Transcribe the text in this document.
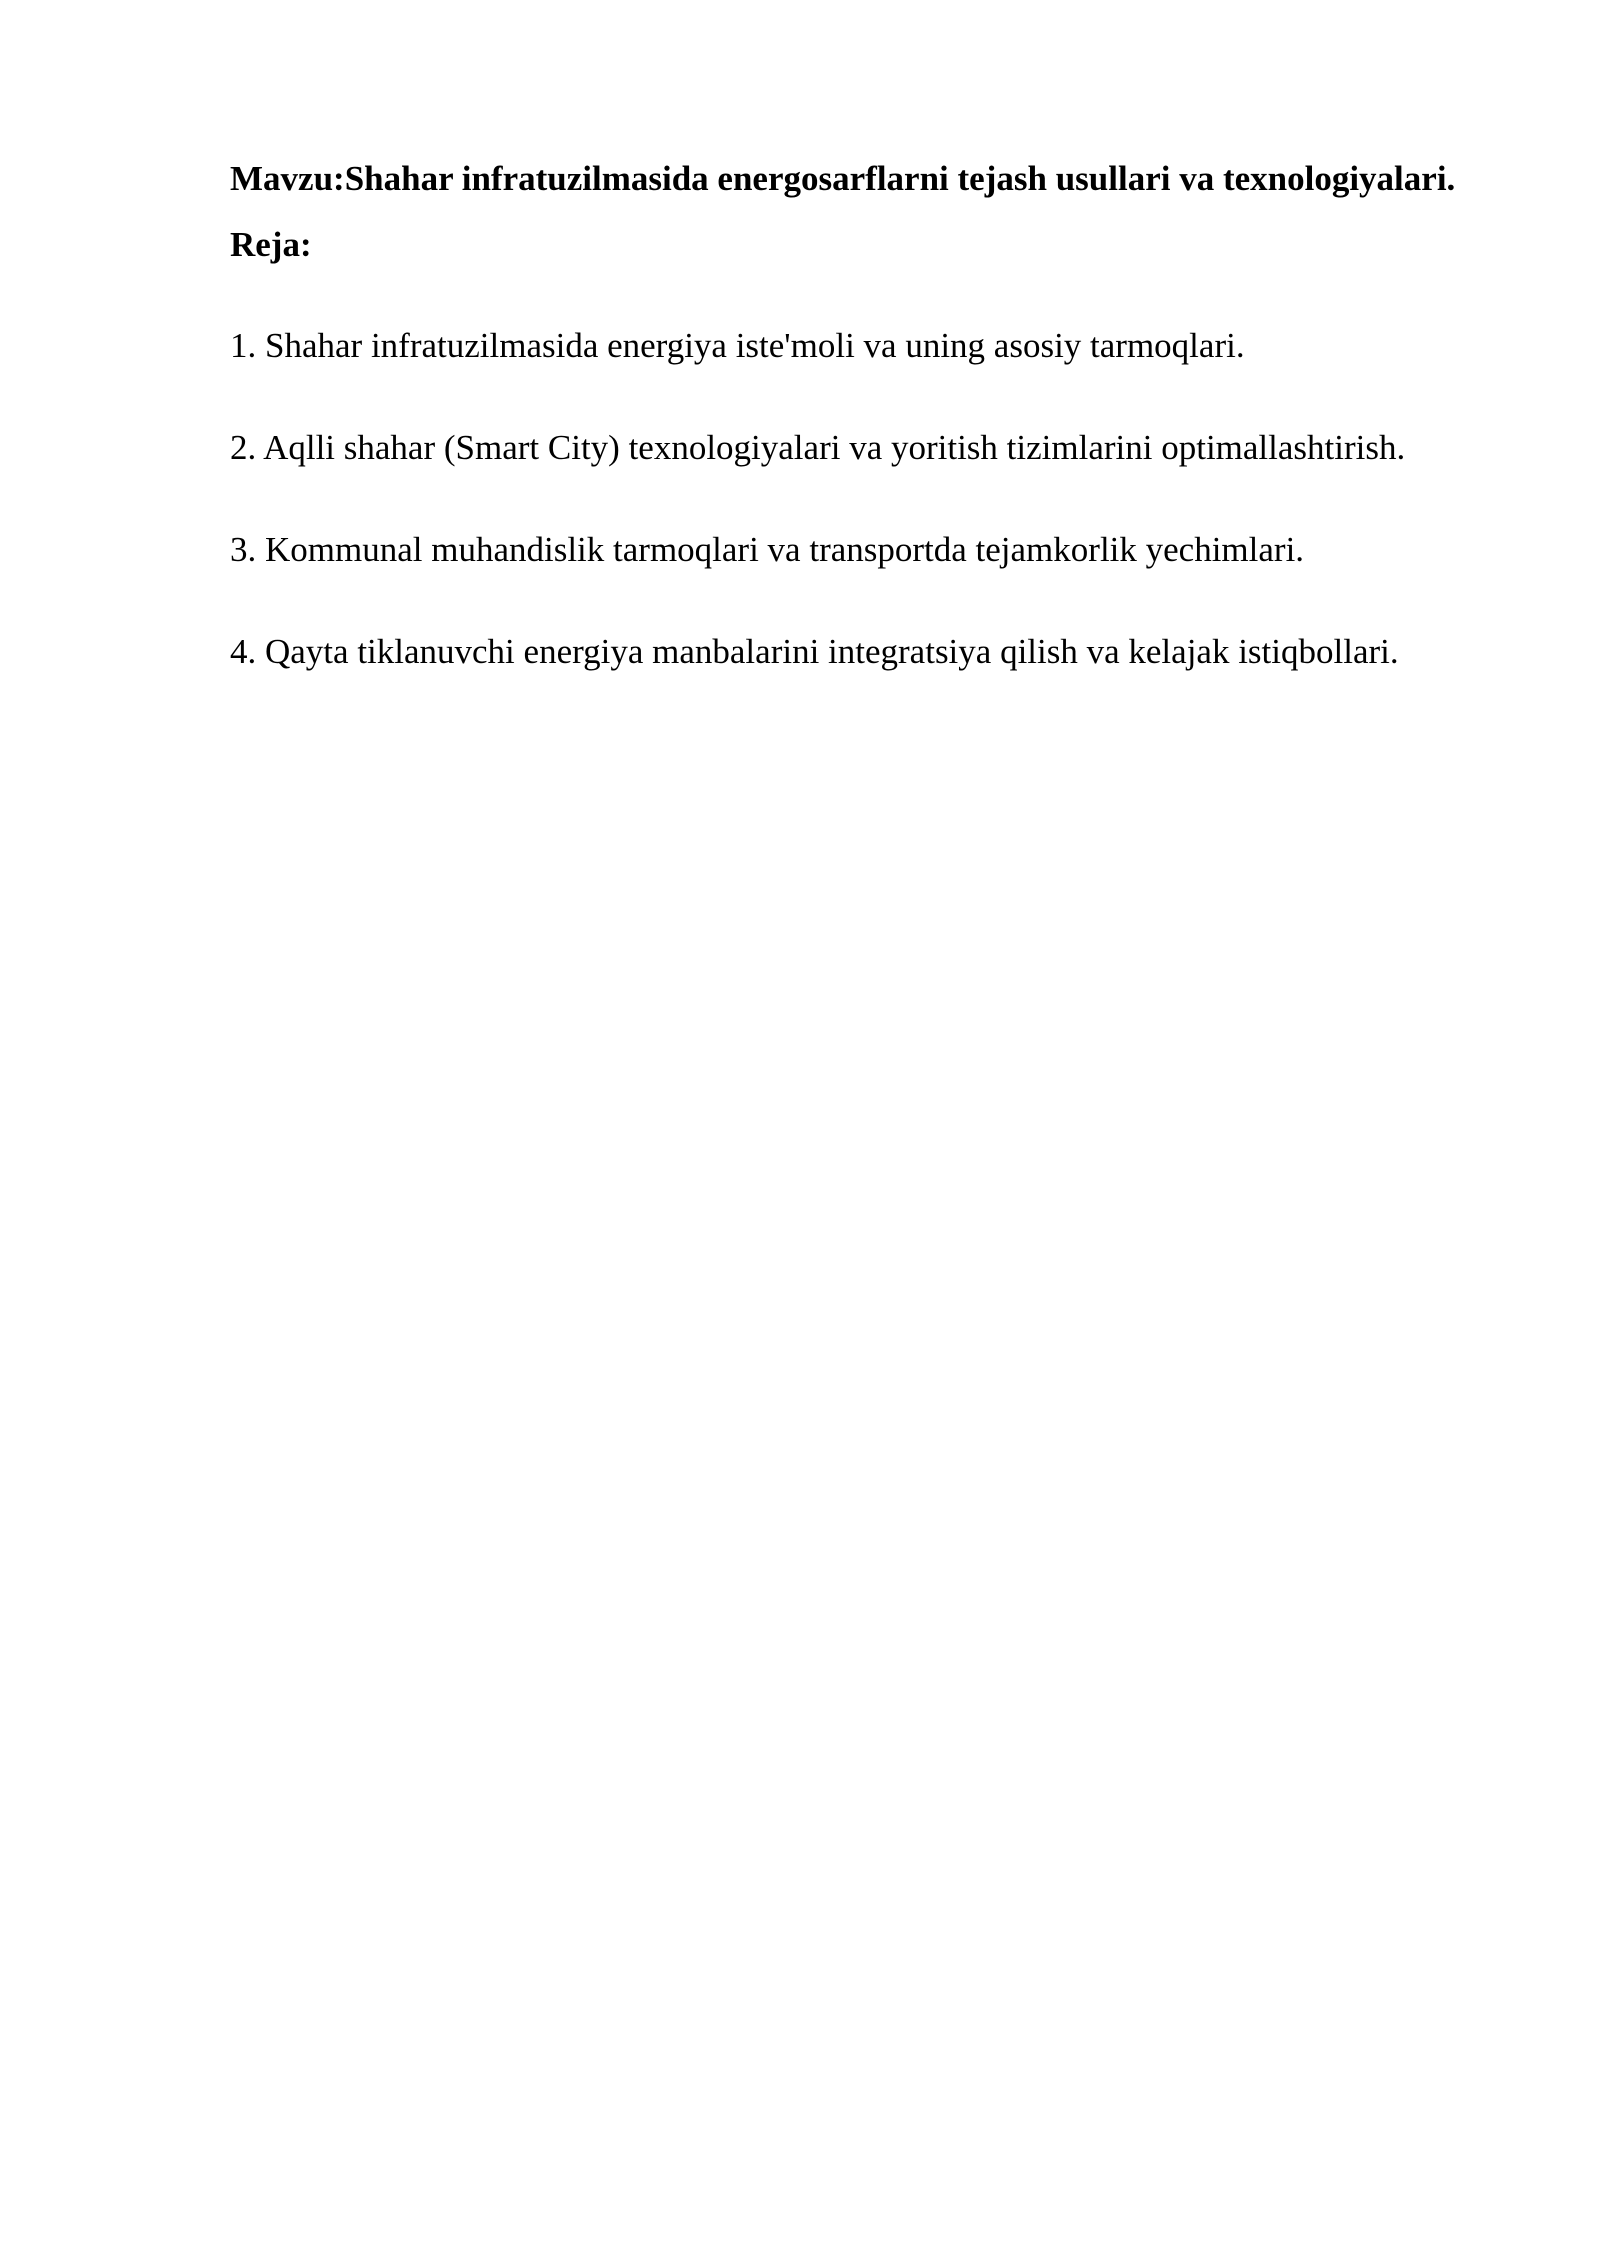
Mavzu:Shahar infratuzilmasida energosarflarni tejash usullari va texnologiyalari.

Reja:

1. Shahar infratuzilmasida energiya iste'moli va uning asosiy tarmoqlari.
2. Aqlli shahar (Smart City) texnologiyalari va yoritish tizimlarini optimallashtirish.
3. Kommunal muhandislik tarmoqlari va transportda tejamkorlik yechimlari.
4. Qayta tiklanuvchi energiya manbalarini integratsiya qilish va kelajak istiqbollari.
